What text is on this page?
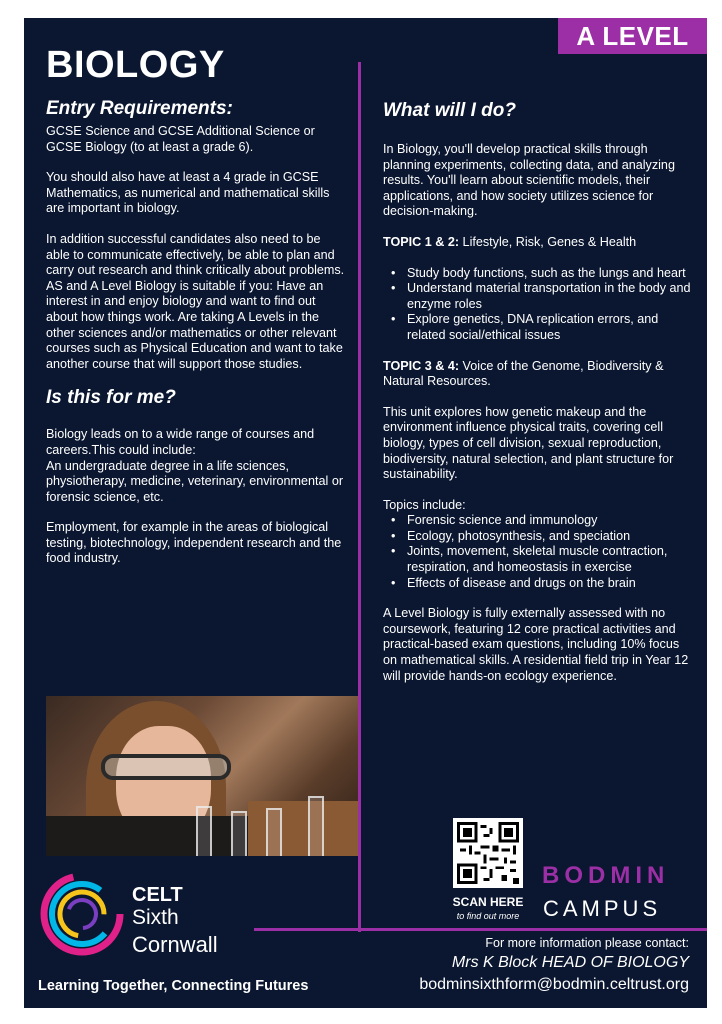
A LEVEL
BIOLOGY
Entry Requirements:

GCSE Science and GCSE Additional Science or GCSE Biology (to at least a grade 6).

You should also have at least a 4 grade in GCSE Mathematics, as numerical and mathematical skills are important in biology.

In addition successful candidates also need to be able to communicate effectively, be able to plan and carry out research and think critically about problems. AS and A Level Biology is suitable if you: Have an interest in and enjoy biology and want to find out about how things work. Are taking A Levels in the other sciences and/or mathematics or other relevant courses such as Physical Education and want to take another course that will support those studies.

Is this for me?

Biology leads on to a wide range of courses and careers.This could include:

An undergraduate degree in a life sciences, physiotherapy, medicine, veterinary, environmental or forensic science, etc.

Employment, for example in the areas of biological testing, biotechnology, independent research and the food industry.

What will I do?

In Biology, you'll develop practical skills through planning experiments, collecting data, and analyzing results. You'll learn about scientific models, their applications, and how society utilizes science for decision-making.

TOPIC 1 & 2: Lifestyle, Risk, Genes & Health

• Study body functions, such as the lungs and heart
• Understand material transportation in the body and enzyme roles
• Explore genetics, DNA replication errors, and related social/ethical issues

TOPIC 3 & 4: Voice of the Genome, Biodiversity & Natural Resources.

This unit explores how genetic makeup and the environment influence physical traits, covering cell biology, types of cell division, sexual reproduction, biodiversity, natural selection, and plant structure for sustainability.

Topics include:

• Forensic science and immunology
• Ecology, photosynthesis, and speciation
• Joints, movement, skeletal muscle contraction, respiration, and homeostasis in exercise
• Effects of disease and drugs on the brain

A Level Biology is fully externally assessed with no coursework, featuring 12 core practical activities and practical-based exam questions, including 10% focus on mathematical skills. A residential field trip in Year 12 will provide hands-on ecology experience.

CELT
Sixth
Cornwall
Learning Together, Connecting Futures
SCAN HERE
to find out more
BODMIN
CAMPUS
For more information please contact:
Mrs K Block HEAD OF BIOLOGY
bodminsixthform@bodmin.celtrust.org
